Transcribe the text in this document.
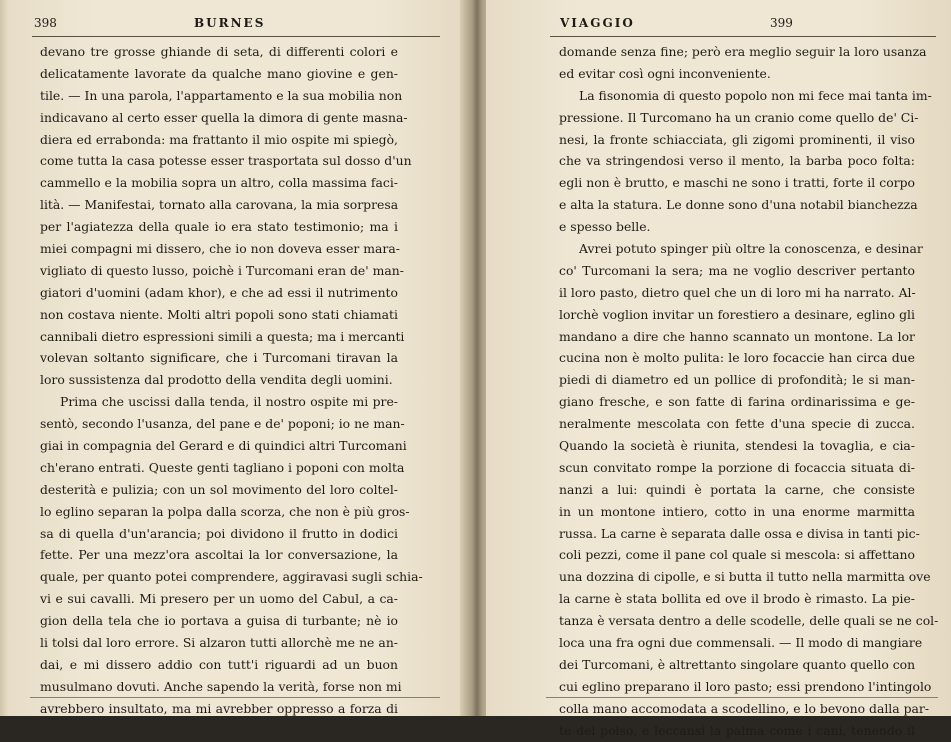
398	BURNES
devano tre grosse ghiande di seta, di differenti colori e
delicatamente lavorate da qualche mano giovine e gen-
tile. — In una parola, l'appartamento e la sua mobilia non
indicavano al certo esser quella la dimora di gente masna-
diera ed errabonda: ma frattanto il mio ospite mi spiegò,
come tutta la casa potesse esser trasportata sul dosso d'un
cammello e la mobilia sopra un altro, colla massima faci-
lità. — Manifestai, tornato alla carovana, la mia sorpresa
per l'agiatezza della quale io era stato testimonio; ma i
miei compagni mi dissero, che io non doveva esser mara-
vigliato di questo lusso, poichè i Turcomani eran de' man-
giatori d'uomini (adam khor), e che ad essi il nutrimento
non costava niente. Molti altri popoli sono stati chiamati
cannibali dietro espressioni simili a questa; ma i mercanti
volevan soltanto significare, che i Turcomani tiravan la
loro sussistenza dal prodotto della vendita degli uomini.
Prima che uscissi dalla tenda, il nostro ospite mi pre-
sentò, secondo l'usanza, del pane e de' poponi; io ne man-
giai in compagnia del Gerard e di quindici altri Turcomani
ch'erano entrati. Queste genti tagliano i poponi con molta
desterità e pulizia; con un sol movimento del loro coltel-
lo eglino separan la polpa dalla scorza, che non è più gros-
sa di quella d'un'arancia; poi dividono il frutto in dodici
fette. Per una mezz'ora ascoltai la lor conversazione, la
quale, per quanto potei comprendere, aggiravasi sugli schia-
vi e sui cavalli. Mi presero per un uomo del Cabul, a ca-
gion della tela che io portava a guisa di turbante; nè io
li tolsi dal loro errore. Si alzaron tutti allorchè me ne an-
dai, e mi dissero addio con tutt'i riguardi ad un buon
musulmano dovuti. Anche sapendo la verità, forse non mi
avrebbero insultato, ma mi avrebber oppresso a forza di
VIAGGIO	399
domande senza fine; però era meglio seguir la loro usanza
ed evitar così ogni inconveniente.
La fisonomia di questo popolo non mi fece mai tanta im-
pressione. Il Turcomano ha un cranio come quello de' Ci-
nesi, la fronte schiacciata, gli zigomi prominenti, il viso
che va stringendosi verso il mento, la barba poco folta:
egli non è brutto, e maschi ne sono i tratti, forte il corpo
e alta la statura. Le donne sono d'una notabil bianchezza
e spesso belle.
Avrei potuto spinger più oltre la conoscenza, e desinar
co' Turcomani la sera; ma ne voglio descriver pertanto
il loro pasto, dietro quel che un di loro mi ha narrato. Al-
lorchè voglion invitar un forestiero a desinare, eglino gli
mandano a dire che hanno scannato un montone. La lor
cucina non è molto pulita: le loro focaccie han circa due
piedi di diametro ed un pollice di profondità; le si man-
giano fresche, e son fatte di farina ordinarissima e ge-
neralmente mescolata con fette d'una specie di zucca.
Quando la società è riunita, stendesi la tovaglia, e cia-
scun convitato rompe la porzione di focaccia situata di-
nanzi a lui: quindi è portata la carne, che consiste
in un montone intiero, cotto in una enorme marmitta
russa. La carne è separata dalle ossa e divisa in tanti pic-
coli pezzi, come il pane col quale si mescola: si affettano
una dozzina di cipolle, e si butta il tutto nella marmitta ove
la carne è stata bollita ed ove il brodo è rimasto. La pie-
tanza è versata dentro a delle scodelle, delle quali se ne col-
loca una fra ogni due commensali. — Il modo di mangiare
dei Turcomani, è altrettanto singolare quanto quello con
cui eglino preparano il loro pasto; essi prendono l'intingolo
colla mano accomodata a scodellino, e lo bevono dalla par-
te del polso, e leccansi la palma come i cani, tenendo il
